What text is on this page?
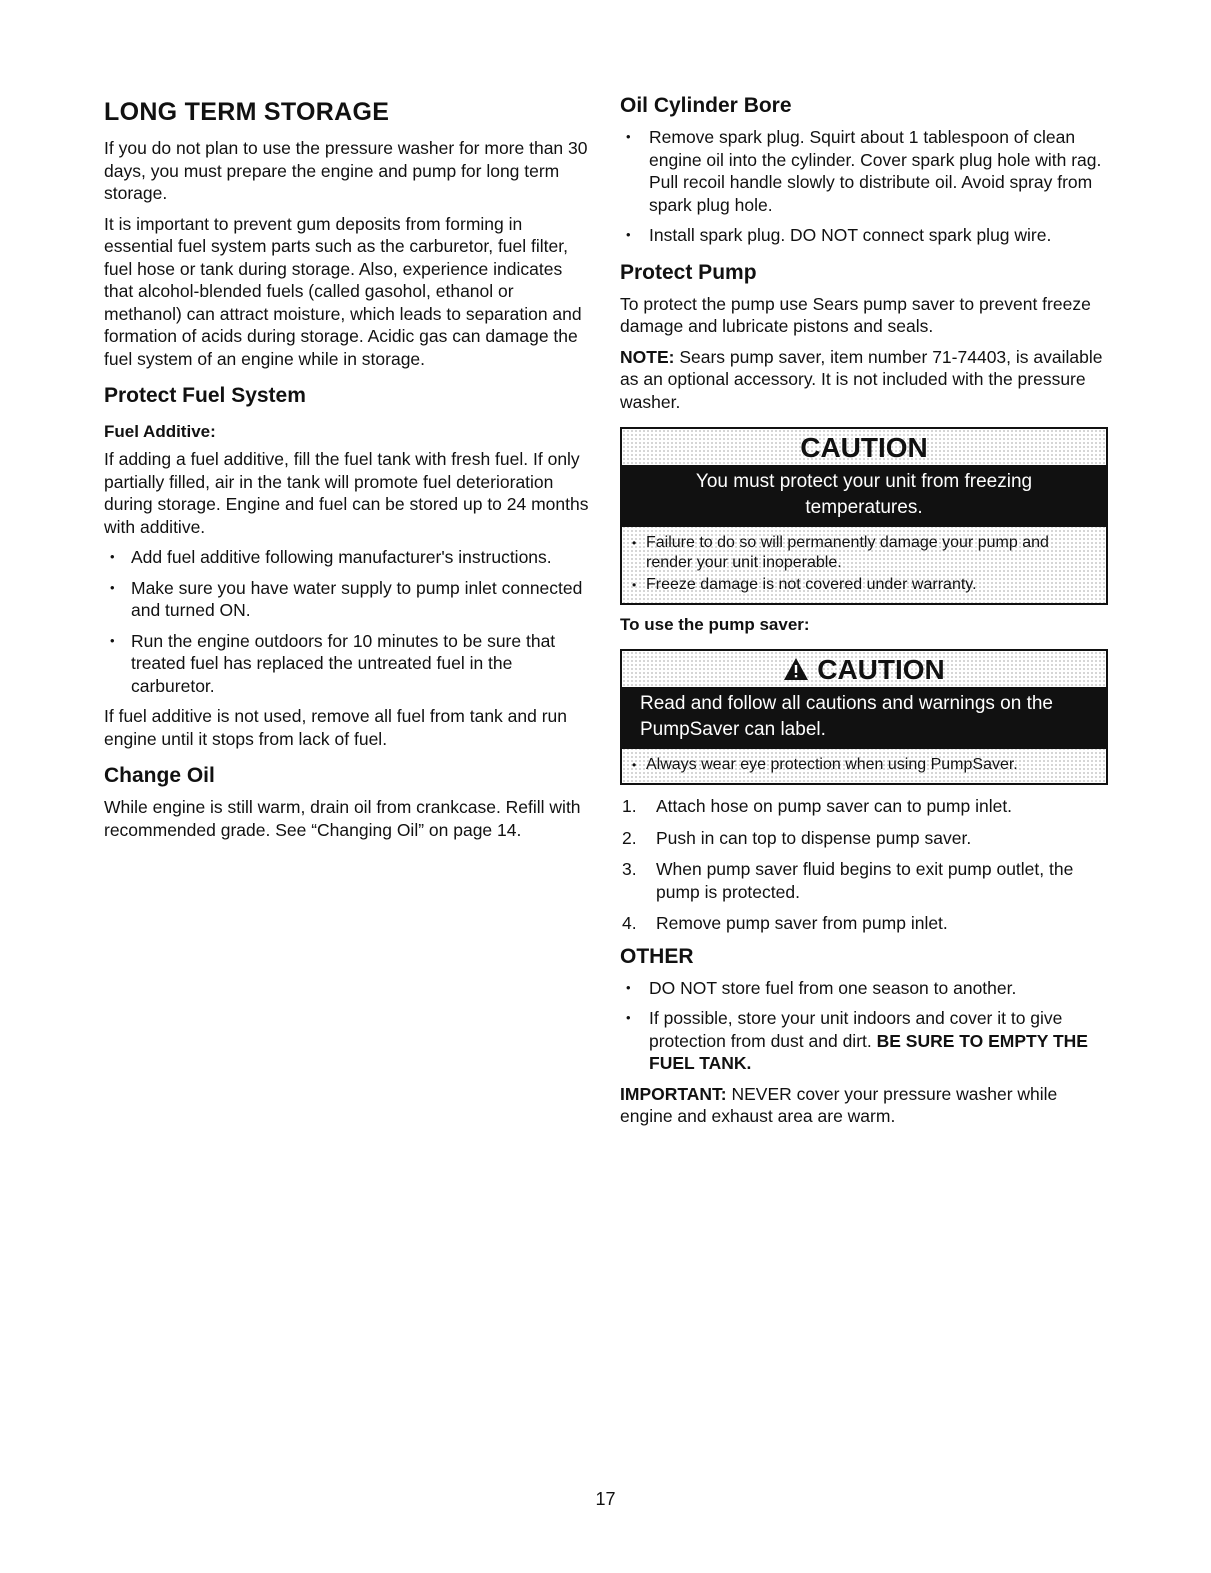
LONG TERM STORAGE

If you do not plan to use the pressure washer for more than 30 days, you must prepare the engine and pump for long term storage.

It is important to prevent gum deposits from forming in essential fuel system parts such as the carburetor, fuel filter, fuel hose or tank during storage. Also, experience indicates that alcohol-blended fuels (called gasohol, ethanol or methanol) can attract moisture, which leads to separation and formation of acids during storage. Acidic gas can damage the fuel system of an engine while in storage.

Protect Fuel System
Fuel Additive:

If adding a fuel additive, fill the fuel tank with fresh fuel. If only partially filled, air in the tank will promote fuel deterioration during storage. Engine and fuel can be stored up to 24 months with additive.

• Add fuel additive following manufacturer's instructions.
• Make sure you have water supply to pump inlet connected and turned ON.
• Run the engine outdoors for 10 minutes to be sure that treated fuel has replaced the untreated fuel in the carburetor.

If fuel additive is not used, remove all fuel from tank and run engine until it stops from lack of fuel.

Change Oil

While engine is still warm, drain oil from crankcase. Refill with recommended grade. See “Changing Oil” on page 14.

Oil Cylinder Bore
• Remove spark plug. Squirt about 1 tablespoon of clean engine oil into the cylinder. Cover spark plug hole with rag. Pull recoil handle slowly to distribute oil. Avoid spray from spark plug hole.
• Install spark plug. DO NOT connect spark plug wire.
Protect Pump

To protect the pump use Sears pump saver to prevent freeze damage and lubricate pistons and seals.

NOTE: Sears pump saver, item number 71-74403, is available as an optional accessory. It is not included with the pressure washer.

CAUTION
You must protect your unit from freezing temperatures.
• Failure to do so will permanently damage your pump and render your unit inoperable.
• Freeze damage is not covered under warranty.
To use the pump saver:
CAUTION
Read and follow all cautions and warnings on the PumpSaver can label.
• Always wear eye protection when using PumpSaver.
1. Attach hose on pump saver can to pump inlet.
2. Push in can top to dispense pump saver.
3. When pump saver fluid begins to exit pump outlet, the pump is protected.
4. Remove pump saver from pump inlet.
OTHER
• DO NOT store fuel from one season to another.
• If possible, store your unit indoors and cover it to give protection from dust and dirt. BE SURE TO EMPTY THE FUEL TANK.

IMPORTANT: NEVER cover your pressure washer while engine and exhaust area are warm.

17
